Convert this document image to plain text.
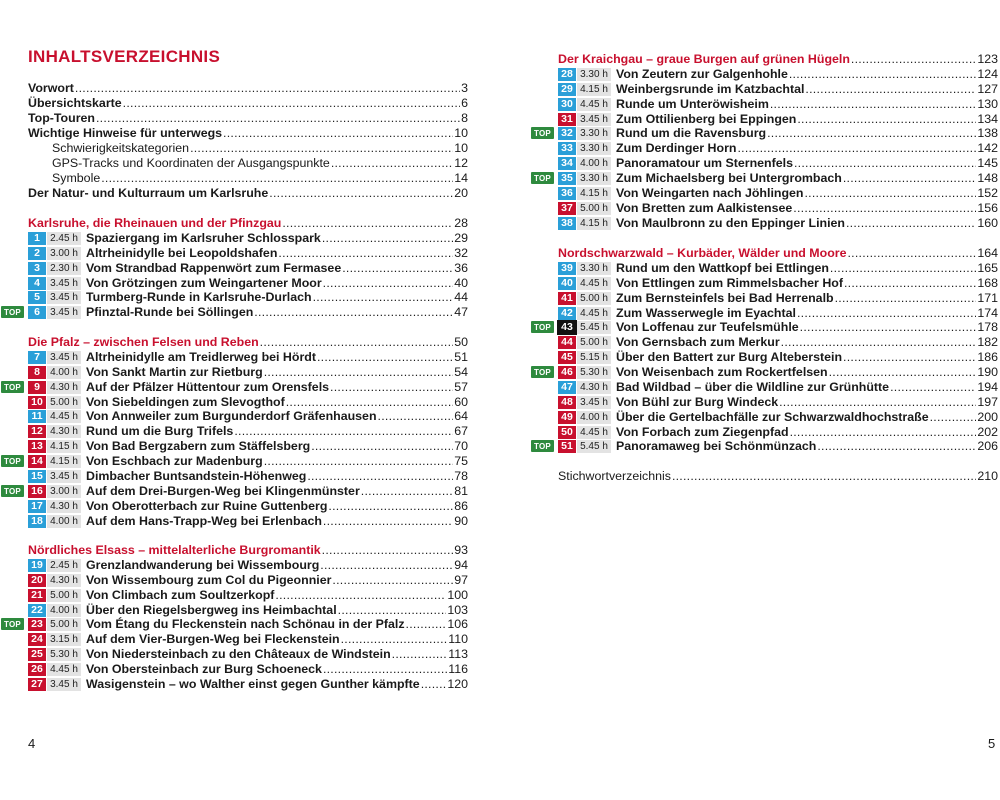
INHALTSVERZEICHNIS
Vorwort . . .	3
Übersichtskarte . . .	6
Top-Touren . . .	8
Wichtige Hinweise für unterwegs . . .	10
Schwierigkeitskategorien . . .	10
GPS-Tracks und Koordinaten der Ausgangspunkte . . .	12
Symbole . . .	14
Der Natur- und Kulturraum um Karlsruhe . . .	20
Karlsruhe, die Rheinauen und der Pfinzgau . . .	28
1	2.45 h Spaziergang im Karlsruher Schlosspark . . .	29
2	3.00 h Altrheinidylle bei Leopoldshafen . . .	32
3	2.30 h Vom Strandbad Rappenwört zum Fermasee . . .	36
4	3.45 h Von Grötzingen zum Weingartener Moor . . .	40
5	3.45 h Turmberg-Runde in Karlsruhe-Durlach . . .	44
TOP	6	3.45 h Pfinztal-Runde bei Söllingen . . .	47
Die Pfalz – zwischen Felsen und Reben . . .	50
7	3.45 h Altrheinidylle am Treidlerweg bei Hördt . . .	51
8	4.00 h Von Sankt Martin zur Rietburg . . .	54
TOP	9	4.30 h Auf der Pfälzer Hüttentour zum Orensfels . . .	57
10 5.00 h Von Siebeldingen zum Slevogthof . . .	60
11 4.45 h Von Annweiler zum Burgunderdorf Gräfenhausen . . .	64
12 4.30 h Rund um die Burg Trifels . . .	67
13 4.15 h Von Bad Bergzabern zum Stäffelsberg . . .	70
TOP 14 4.15 h Von Eschbach zur Madenburg . . .	75
15 3.45 h Dimbacher Buntsandstein-Höhenweg . . .	78
TOP 16 3.00 h Auf dem Drei-Burgen-Weg bei Klingenmünster . . .	81
17 4.30 h Von Oberotterbach zur Ruine Guttenberg . . .	86
18 4.00 h Auf dem Hans-Trapp-Weg bei Erlenbach . . .	90
Nördliches Elsass – mittelalterliche Burgromantik . . .	93
19 2.45 h Grenzlandwanderung bei Wissembourg . . .	94
20 4.30 h Von Wissembourg zum Col du Pigeonnier . . .	97
21 5.00 h Von Climbach zum Soultzerkopf . . .	100
22 4.00 h Über den Riegelsbergweg ins Heimbachtal . . .	103
TOP 23 5.00 h Vom Étang du Fleckenstein nach Schönau in der Pfalz . . .	106
24 3.15 h Auf dem Vier-Burgen-Weg bei Fleckenstein . . .	110
25 5.30 h Von Niedersteinbach zu den Châteaux de Windstein . . .	113
26 4.45 h Von Obersteinbach zur Burg Schoeneck . . .	116
27 3.45 h Wasigenstein – wo Walther einst gegen Gunther kämpfte . . . 120
Der Kraichgau – graue Burgen auf grünen Hügeln . . .	123
28 3.30 h Von Zeutern zur Galgenhohle . . .	124
29 4.15 h Weinbergsrunde im Katzbachtal . . .	127
30 4.45 h Runde um Unteröwisheim . . .	130
31 3.45 h Zum Ottilienberg bei Eppingen . . .	134
TOP 32 3.30 h Rund um die Ravensburg . . .	138
33 3.30 h Zum Derdinger Horn . . .	142
34 4.00 h Panoramatour um Sternenfels . . .	145
TOP 35 3.30 h Zum Michaelsberg bei Untergrombach . . .	148
36 4.15 h Von Weingarten nach Jöhlingen . . .	152
37 5.00 h Von Bretten zum Aalkistensee . . .	156
38 4.15 h Von Maulbronn zu den Eppinger Linien . . .	160
Nordschwarzwald – Kurbäder, Wälder und Moore . . .	164
39 3.30 h Rund um den Wattkopf bei Ettlingen . . .	165
40 4.45 h Von Ettlingen zum Rimmelsbacher Hof . . .	168
41 5.00 h Zum Bernsteinfels bei Bad Herrenalb . . .	171
42 4.45 h Zum Wasserwegle im Eyachtal . . .	174
TOP 43 5.45 h Von Loffenau zur Teufelsmühle . . .	178
44 5.00 h Von Gernsbach zum Merkur . . .	182
45 5.15 h Über den Battert zur Burg Alteberstein . . .	186
TOP 46 5.30 h Von Weisenbach zum Rockertfelsen . . .	190
47 4.30 h Bad Wildbad – über die Wildline zur Grünhütte . . .	194
48 3.45 h Von Bühl zur Burg Windeck . . .	197
49 4.00 h Über die Gertelbachfälle zur Schwarzwaldhochstraße . . .	200
50 4.45 h Von Forbach zum Ziegenpfad . . .	202
TOP 51 5.45 h Panoramaweg bei Schönmünzach . . .	206
Stichwortverzeichnis . . .	210
4	5
